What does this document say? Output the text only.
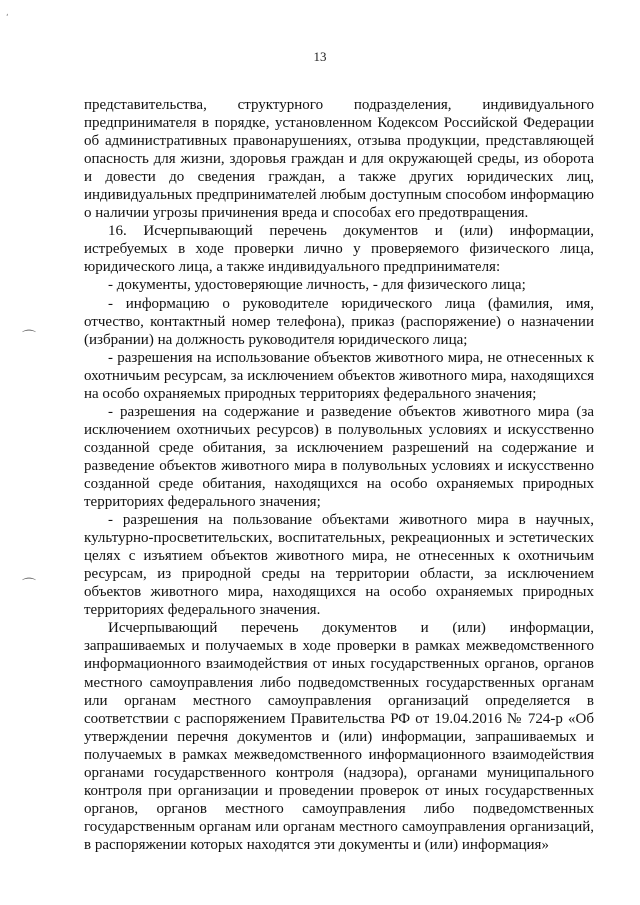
ʹ
⌒
⌒
13

представительства, структурного подразделения, индивидуального предпринимателя в порядке, установленном Кодексом Российской Федерации об административных правонарушениях, отзыва продукции, представляющей опасность для жизни, здоровья граждан и для окружающей среды, из оборота и довести до сведения граждан, а также других юридических лиц, индивидуальных предпринимателей любым доступным способом информацию о наличии угрозы причинения вреда и способах его предотвращения.

16. Исчерпывающий перечень документов и (или) информации, истребуемых в ходе проверки лично у проверяемого физического лица, юридического лица, а также индивидуального предпринимателя:

- документы, удостоверяющие личность, - для физического лица;

- информацию о руководителе юридического лица (фамилия, имя, отчество, контактный номер телефона), приказ (распоряжение) о назначении (избрании) на должность руководителя юридического лица;

- разрешения на использование объектов животного мира, не отнесенных к охотничьим ресурсам, за исключением объектов животного мира, находящихся на особо охраняемых природных территориях федерального значения;

- разрешения на содержание и разведение объектов животного мира (за исключением охотничьих ресурсов) в полувольных условиях и искусственно созданной среде обитания, за исключением разрешений на содержание и разведение объектов животного мира в полувольных условиях и искусственно созданной среде обитания, находящихся на особо охраняемых природных территориях федерального значения;

- разрешения на пользование объектами животного мира в научных, культурно-просветительских, воспитательных, рекреационных и эстетических целях с изъятием объектов животного мира, не отнесенных к охотничьим ресурсам, из природной среды на территории области, за исключением объектов животного мира, находящихся на особо охраняемых природных территориях федерального значения.

Исчерпывающий перечень документов и (или) информации, запрашиваемых и получаемых в ходе проверки в рамках межведомственного информационного взаимодействия от иных государственных органов, органов местного самоуправления либо подведомственных государственных органам или органам местного самоуправления организаций определяется в соответствии с распоряжением Правительства РФ от 19.04.2016 № 724-р «Об утверждении перечня документов и (или) информации, запрашиваемых и получаемых в рамках межведомственного информационного взаимодействия органами государственного контроля (надзора), органами муниципального контроля при организации и проведении проверок от иных государственных органов, органов местного самоуправления либо подведомственных государственным органам или органам местного самоуправления организаций, в распоряжении которых находятся эти документы и (или) информация»
